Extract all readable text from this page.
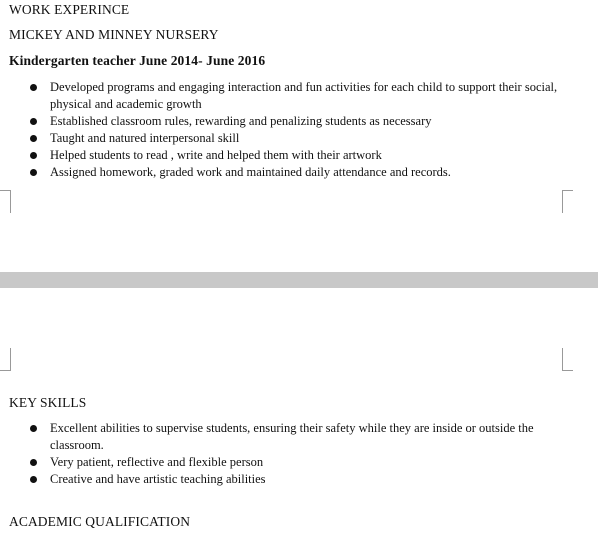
WORK EXPERINCE
MICKEY AND MINNEY NURSERY
Kindergarten teacher June 2014- June 2016
Developed programs and engaging interaction and fun activities for each child to support their social, physical and academic growth
Established classroom rules, rewarding and penalizing students as necessary
Taught and natured interpersonal skill
Helped students to read , write and helped them with their artwork
Assigned homework, graded work and maintained daily attendance and records.
KEY SKILLS
Excellent abilities to supervise students, ensuring their safety while they are inside or outside the classroom.
Very patient, reflective and flexible person
Creative and have artistic teaching abilities
ACADEMIC QUALIFICATION
